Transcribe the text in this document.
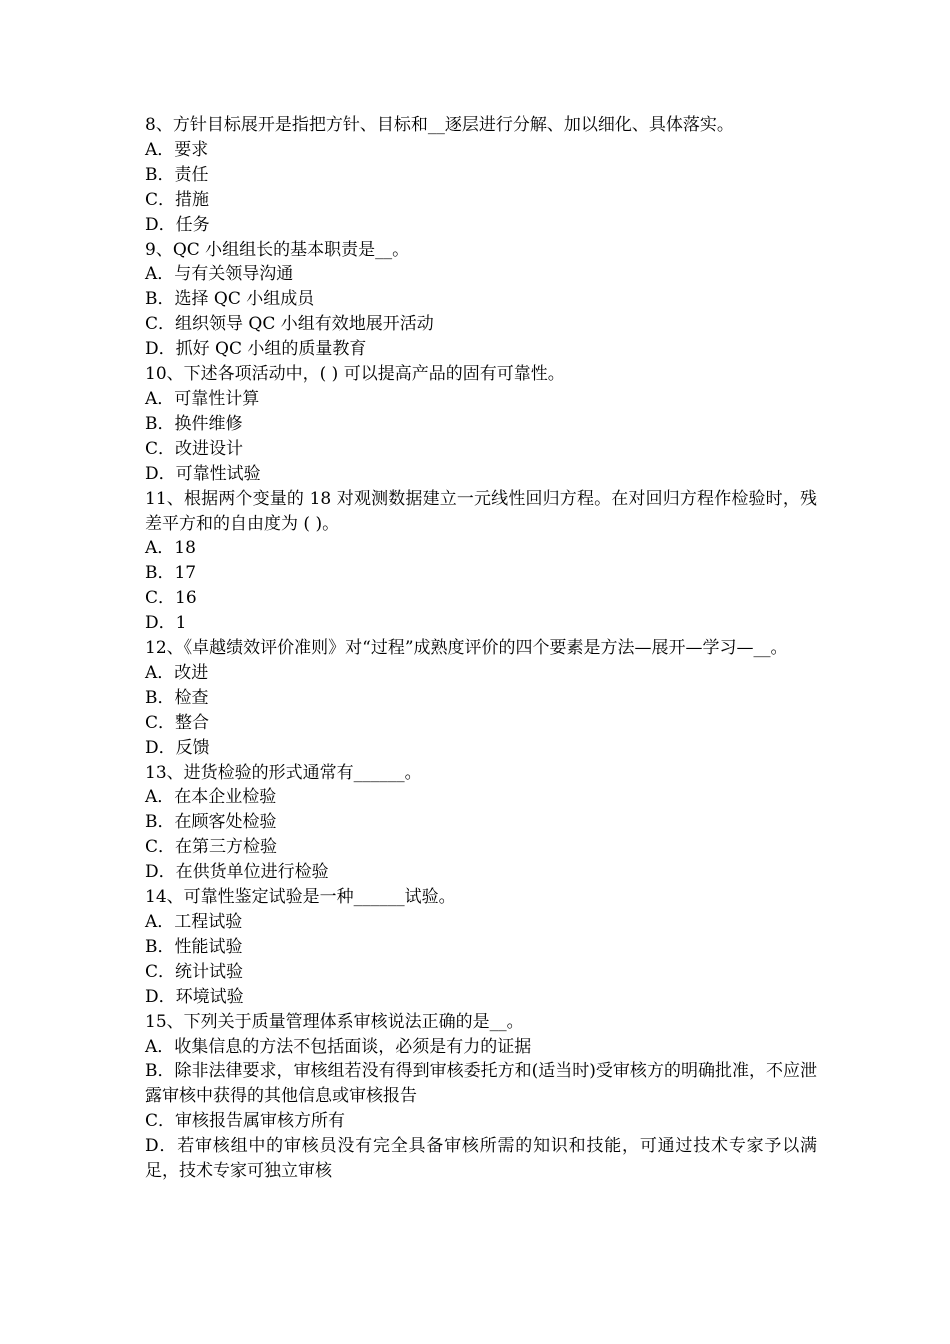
8、方针目标展开是指把方针、目标和__逐层进行分解、加以细化、具体落实。

A．要求

B．责任

C．措施

D．任务

9、QC 小组组长的基本职责是__。

A．与有关领导沟通

B．选择 QC 小组成员

C．组织领导 QC 小组有效地展开活动

D．抓好 QC 小组的质量教育

10、下述各项活动中，( ) 可以提高产品的固有可靠性。

A．可靠性计算

B．换件维修

C．改进设计

D．可靠性试验

11、根据两个变量的 18 对观测数据建立一元线性回归方程。在对回归方程作检验时，残差平方和的自由度为 ( )。

A．18

B．17

C．16

D．1

12、《卓越绩效评价准则》对“过程”成熟度评价的四个要素是方法—展开—学习—__。

A．改进

B．检查

C．整合

D．反馈

13、进货检验的形式通常有______。

A．在本企业检验

B．在顾客处检验

C．在第三方检验

D．在供货单位进行检验

14、可靠性鉴定试验是一种______试验。

A．工程试验

B．性能试验

C．统计试验

D．环境试验

15、下列关于质量管理体系审核说法正确的是__。

A．收集信息的方法不包括面谈，必须是有力的证据

B．除非法律要求，审核组若没有得到审核委托方和(适当时)受审核方的明确批准，不应泄露审核中获得的其他信息或审核报告

C．审核报告属审核方所有

D．若审核组中的审核员没有完全具备审核所需的知识和技能，可通过技术专家予以满足，技术专家可独立审核
